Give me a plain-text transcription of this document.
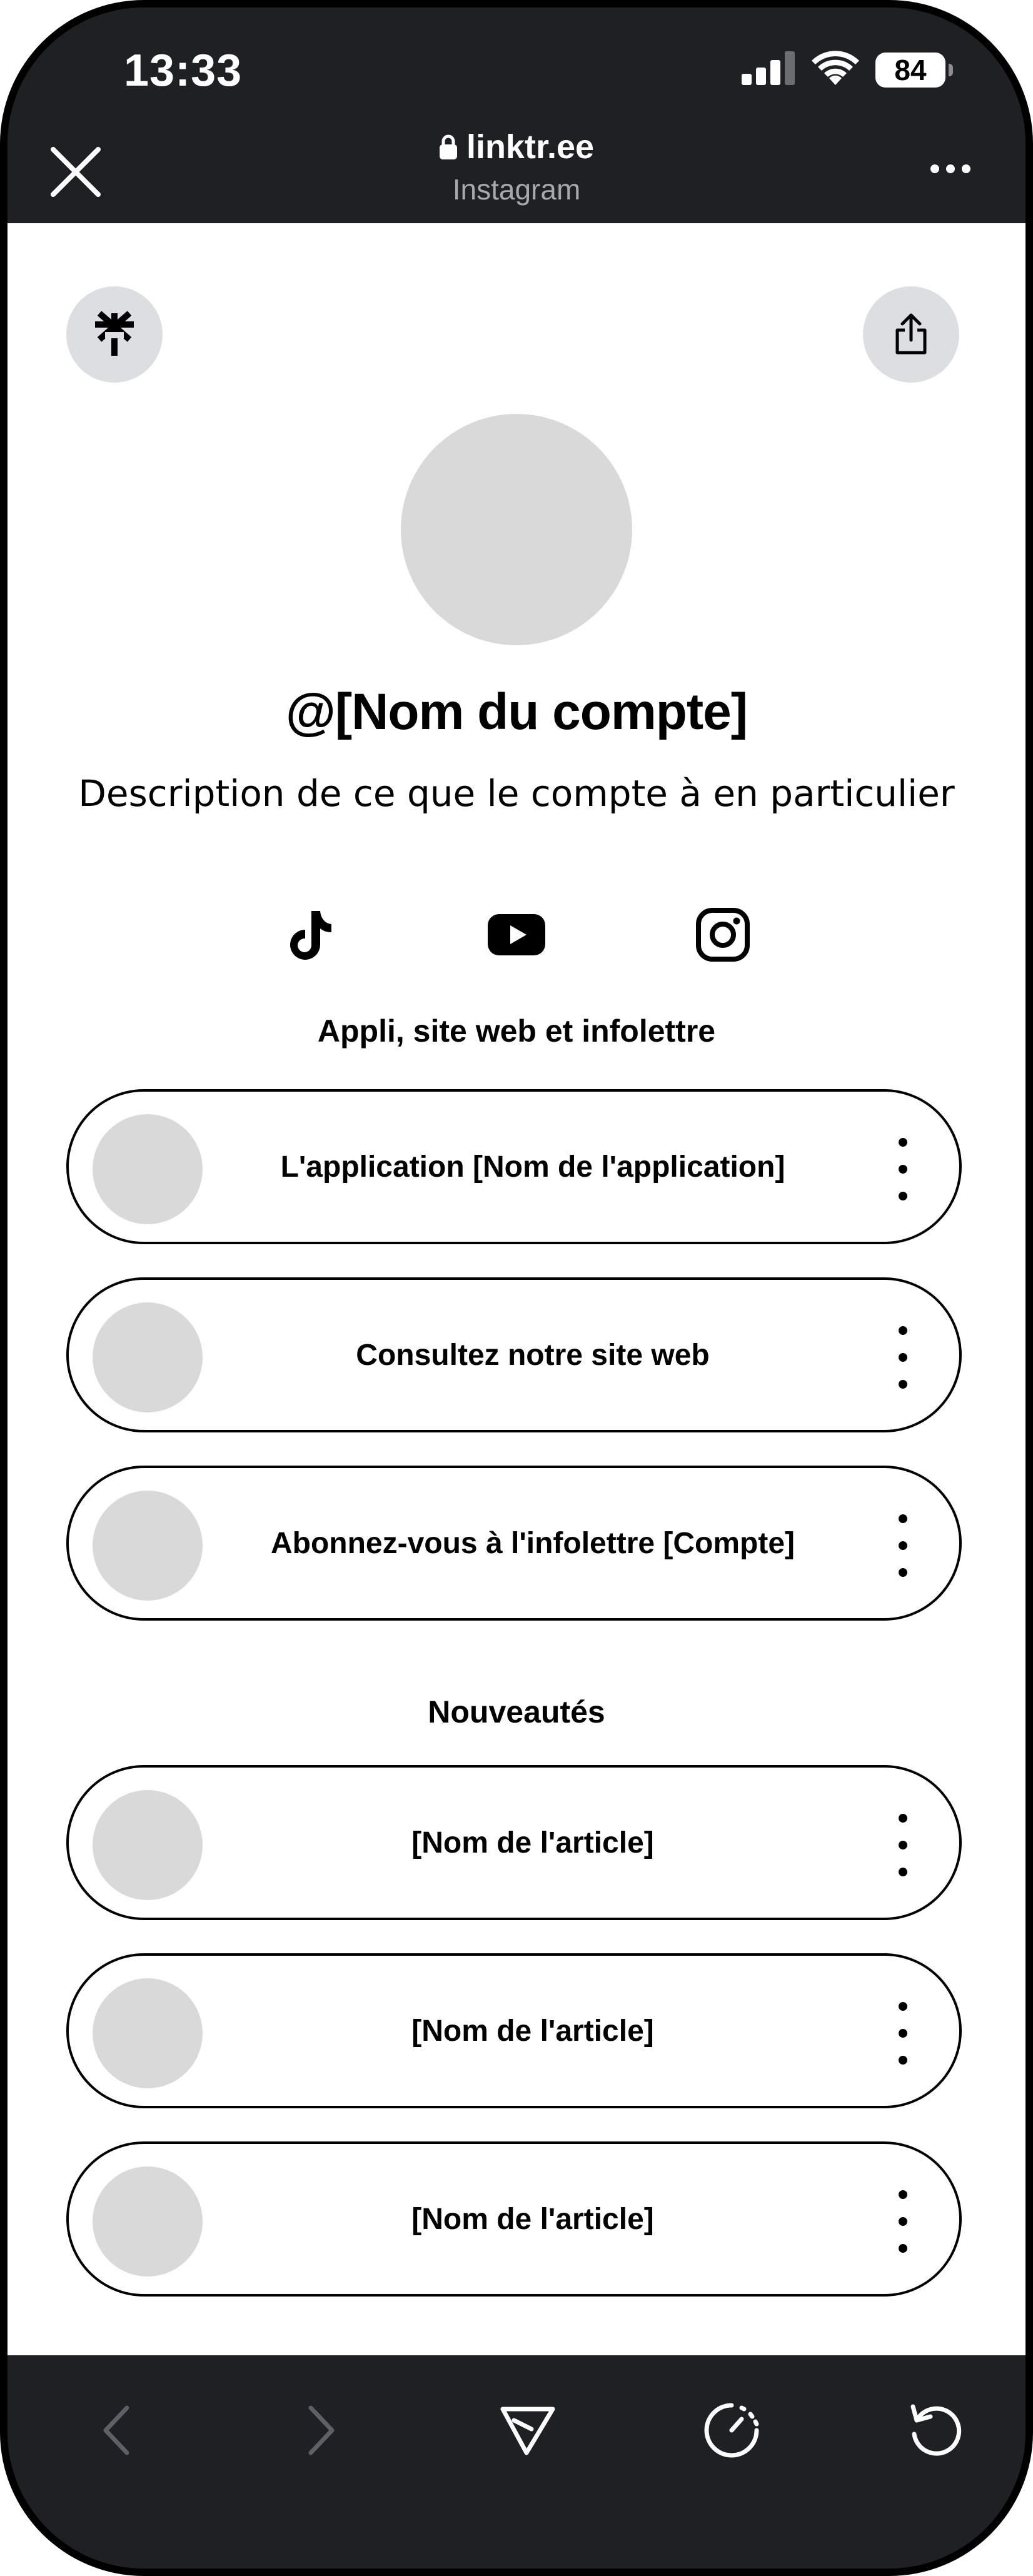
13:33	84
linktr.ee
Instagram
@[Nom du compte]
Description de ce que le compte à en particulier
Appli, site web et infolettre
L'application [Nom de l'application]
Consultez notre site web
Abonnez-vous à l'infolettre [Compte]
Nouveautés
[Nom de l'article]
[Nom de l'article]
[Nom de l'article]
